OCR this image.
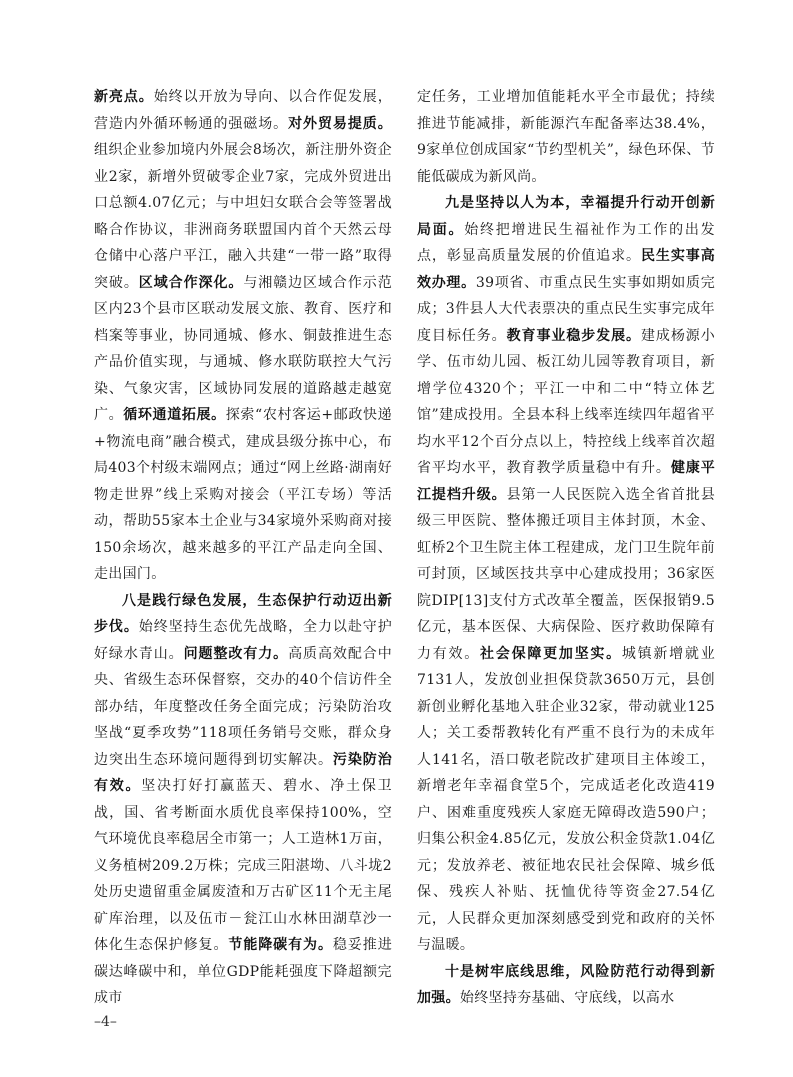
新亮点。始终以开放为导向、以合作促发展，营造内外循环畅通的强磁场。对外贸易提质。组织企业参加境内外展会8场次，新注册外资企业2家，新增外贸破零企业7家，完成外贸进出口总额4.07亿元；与中坦妇女联合会等签署战略合作协议，非洲商务联盟国内首个天然云母仓储中心落户平江，融入共建“一带一路”取得突破。区域合作深化。与湘赣边区域合作示范区内23个县市区联动发展文旅、教育、医疗和档案等事业，协同通城、修水、铜鼓推进生态产品价值实现，与通城、修水联防联控大气污染、气象灾害，区域协同发展的道路越走越宽广。循环通道拓展。探索“农村客运+邮政快递+物流电商”融合模式，建成县级分拣中心，布局403个村级末端网点；通过“网上丝路·湖南好物走世界”线上采购对接会（平江专场）等活动，帮助55家本土企业与34家境外采购商对接150余场次，越来越多的平江产品走向全国、走出国门。

八是践行绿色发展，生态保护行动迈出新步伐。始终坚持生态优先战略，全力以赴守护好绿水青山。问题整改有力。高质高效配合中央、省级生态环保督察，交办的40个信访件全部办结，年度整改任务全面完成；污染防治攻坚战“夏季攻势”118项任务销号交账，群众身边突出生态环境问题得到切实解决。污染防治有效。坚决打好打赢蓝天、碧水、净土保卫战，国、省考断面水质优良率保持100%，空气环境优良率稳居全市第一；人工造林1万亩，义务植树209.2万株；完成三阳湛坳、八斗垅2处历史遗留重金属废渣和万古矿区11个无主尾矿库治理，以及伍市－瓮江山水林田湖草沙一体化生态保护修复。节能降碳有为。稳妥推进碳达峰碳中和，单位GDP能耗强度下降超额完成市

定任务，工业增加值能耗水平全市最优；持续推进节能减排，新能源汽车配备率达38.4%，9家单位创成国家“节约型机关”，绿色环保、节能低碳成为新风尚。

九是坚持以人为本，幸福提升行动开创新局面。始终把增进民生福祉作为工作的出发点，彰显高质量发展的价值追求。民生实事高效办理。39项省、市重点民生实事如期如质完成；3件县人大代表票决的重点民生实事完成年度目标任务。教育事业稳步发展。建成杨源小学、伍市幼儿园、板江幼儿园等教育项目，新增学位4320个；平江一中和二中“特立体艺馆”建成投用。全县本科上线率连续四年超省平均水平12个百分点以上，特控线上线率首次超省平均水平，教育教学质量稳中有升。健康平江提档升级。县第一人民医院入选全省首批县级三甲医院、整体搬迁项目主体封顶，木金、虹桥2个卫生院主体工程建成，龙门卫生院年前可封顶，区域医技共享中心建成投用；36家医院DIP[13]支付方式改革全覆盖，医保报销9.5亿元，基本医保、大病保险、医疗救助保障有力有效。社会保障更加坚实。城镇新增就业7131人，发放创业担保贷款3650万元，县创新创业孵化基地入驻企业32家，带动就业125人；关工委帮教转化有严重不良行为的未成年人141名，浯口敬老院改扩建项目主体竣工，新增老年幸福食堂5个，完成适老化改造419户、困难重度残疾人家庭无障碍改造590户；归集公积金4.85亿元，发放公积金贷款1.04亿元；发放养老、被征地农民社会保障、城乡低保、残疾人补贴、抚恤优待等资金27.54亿元，人民群众更加深刻感受到党和政府的关怀与温暖。

十是树牢底线思维，风险防范行动得到新加强。始终坚持夯基础、守底线，以高水

–4–
